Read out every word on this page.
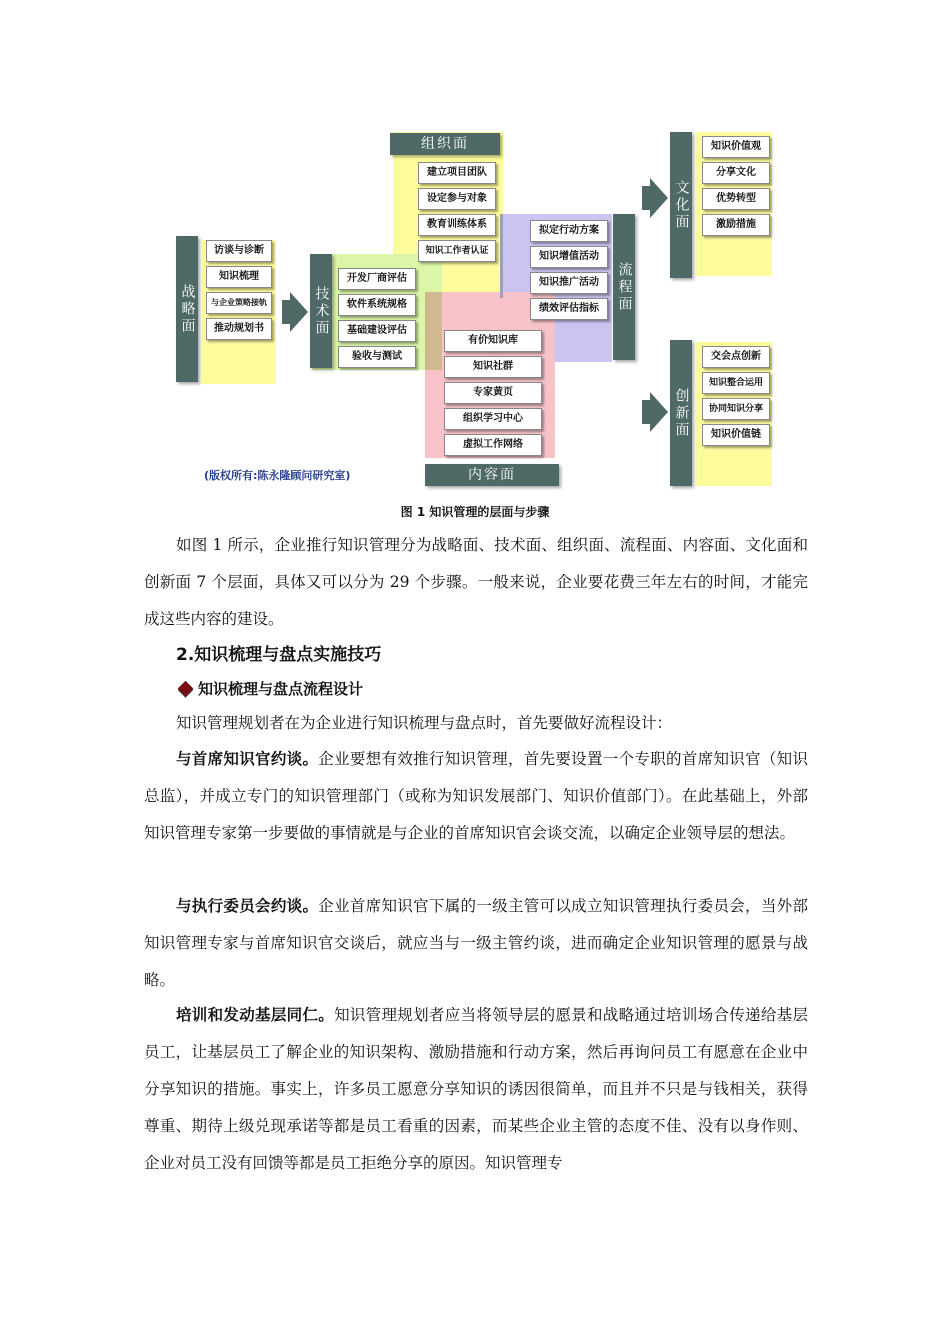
组织面
内容面
战略面	技术面	流程面
文化面
创新面
访谈与诊断
知识梳理
与企业策略接轨
推动规划书
建立项目团队
设定参与对象
教育训练体系
知识工作者认证
开发厂商评估
软件系统规格
基础建设评估
验收与测试
拟定行动方案
知识增值活动
知识推广活动
绩效评估指标
有价知识库
知识社群
专家黄页
组织学习中心
虚拟工作网络
知识价值观
分享文化
优势转型
激励措施
交会点创新
知识整合运用
协同知识分享
知识价值链
(版权所有:陈永隆顾问研究室)
图 1 知识管理的层面与步骤
如图 1 所示，企业推行知识管理分为战略面、技术面、组织面、流程面、内容面、文化面和创新面 7 个层面，具体又可以分为 29 个步骤。一般来说，企业要花费三年左右的时间，才能完成这些内容的建设。
2.知识梳理与盘点实施技巧
知识梳理与盘点流程设计
知识管理规划者在为企业进行知识梳理与盘点时，首先要做好流程设计：
与首席知识官约谈。企业要想有效推行知识管理，首先要设置一个专职的首席知识官（知识总监），并成立专门的知识管理部门（或称为知识发展部门、知识价值部门）。在此基础上，外部知识管理专家第一步要做的事情就是与企业的首席知识官会谈交流，以确定企业领导层的想法。
与执行委员会约谈。企业首席知识官下属的一级主管可以成立知识管理执行委员会，当外部知识管理专家与首席知识官交谈后，就应当与一级主管约谈，进而确定企业知识管理的愿景与战略。
培训和发动基层同仁。知识管理规划者应当将领导层的愿景和战略通过培训场合传递给基层员工，让基层员工了解企业的知识架构、激励措施和行动方案，然后再询问员工有愿意在企业中分享知识的措施。事实上，许多员工愿意分享知识的诱因很简单，而且并不只是与钱相关，获得尊重、期待上级兑现承诺等都是员工看重的因素，而某些企业主管的态度不佳、没有以身作则、企业对员工没有回馈等都是员工拒绝分享的原因。知识管理专
